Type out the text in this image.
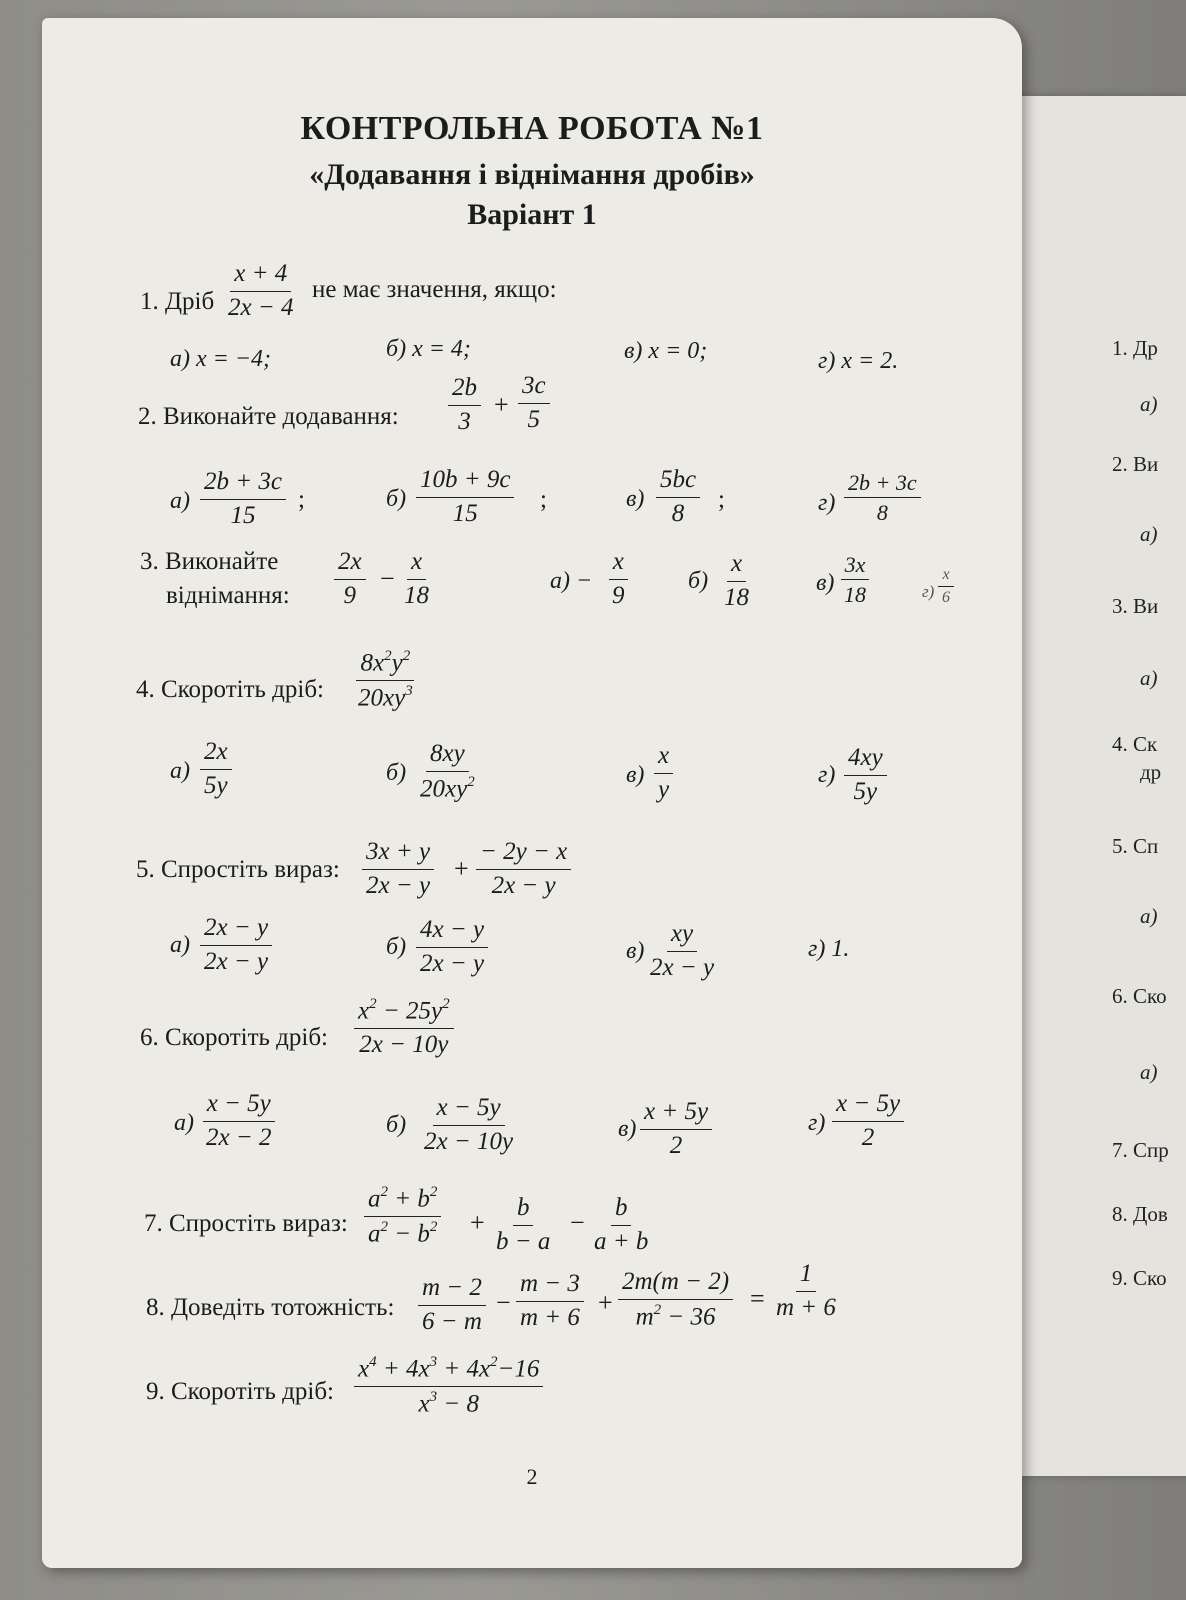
1. Др
а)
2. Ви
а)
3. Ви
а)
4. Ск
др
5. Сп
а)
6. Ско
а)
7. Спр
8. Дов
9. Ско
КОНТРОЛЬНА РОБОТА №1
«Додавання і віднімання дробів»
Варіант 1
1. Дріб $\frac{x + 4}{2x - 4}$ не має значення, якщо:
а) x = −4;	б) x = 4;	в) x = 0;	г) x = 2.
2. Виконайте додавання: $\frac{2b}{3} + \frac{3c}{5}$
$а) \frac{2b + 3c}{15}$ ;	$б) \frac{10b + 9c}{15}$ ;	$в) \frac{5bc}{8}$ ;	$г) \frac{2b + 3c}{8}$
3. Виконайте
віднімання: $\frac{2x}{9} - \frac{x}{18}$	$а) - \frac{x}{9} б) \frac{x}{18}$	$в) \frac{3x}{18}$	$г) \frac{x}{6}$
4. Скоротіть дріб: $\frac{8x^2y^2}{20xy^3}$
$а) \frac{2x}{5y}$	$б) \frac{8xy}{20xy^2}$	$в) \frac{x}{y}$	$г) \frac{4xy}{5y}$
5. Спростіть вираз: $\frac{3x + y}{2x - y} + \frac{- 2y - x}{2x - y}$
$а) \frac{2x - y}{2x - y}$	$б) \frac{4x - y}{2x - y}$	$в) \frac{xy}{2x - y}$	г) 1.
6. Скоротіть дріб: $\frac{x^2 - 25y^2}{2x - 10y}$
$а) \frac{x - 5y}{2x - 2}$	$б) \frac{x - 5y}{2x - 10y}$	$в) \frac{x + 5y}{2}$	$г) \frac{x - 5y}{2}$
7. Спростіть вираз: $\frac{a^2 + b^2}{a^2 - b^2} + \frac{b}{b - a} - \frac{b}{a + b}$
8. Доведіть тотожність: $\frac{m - 2}{6 - m} - \frac{m - 3}{m + 6} + \frac{2m(m - 2)}{m^2 - 36} = \frac{1}{m + 6}$
9. Скоротіть дріб: $\frac{x^4 + 4x^3 + 4x^2-16}{x^3 - 8}$
2
